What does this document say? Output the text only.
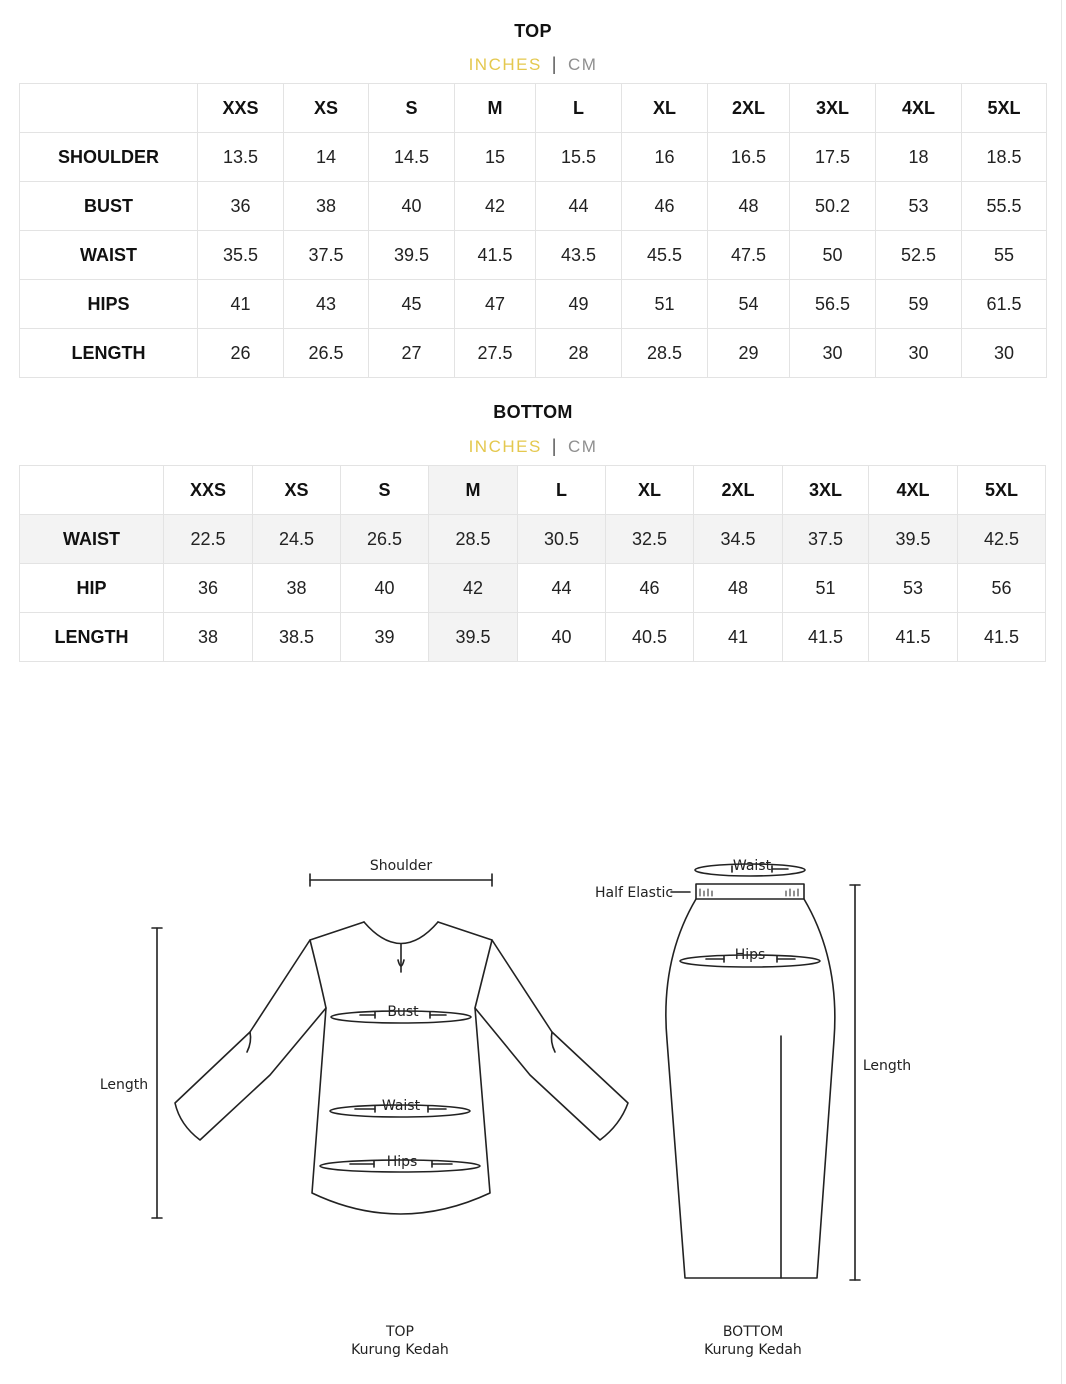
TOP
INCHES | CM
	XXS	XS	S	M	L	XL	2XL	3XL	4XL	5XL
SHOULDER	13.5	14	14.5	15	15.5	16	16.5	17.5	18	18.5
BUST	36	38	40	42	44	46	48	50.2	53	55.5
WAIST	35.5	37.5	39.5	41.5	43.5	45.5	47.5	50	52.5	55
HIPS	41	43	45	47	49	51	54	56.5	59	61.5
LENGTH	26	26.5	27	27.5	28	28.5	29	30	30	30
BOTTOM
INCHES | CM
	XXS	XS	S	M	L	XL	2XL	3XL	4XL	5XL
WAIST	22.5	24.5	26.5	28.5	30.5	32.5	34.5	37.5	39.5	42.5
HIP	36	38	40	42	44	46	48	51	53	56
LENGTH	38	38.5	39	39.5	40	40.5	41	41.5	41.5	41.5
Shoulder
Length
Bust
Waist
Hips
Waist
Half Elastic
Hips
Length
TOP
Kurung Kedah
BOTTOM
Kurung Kedah
